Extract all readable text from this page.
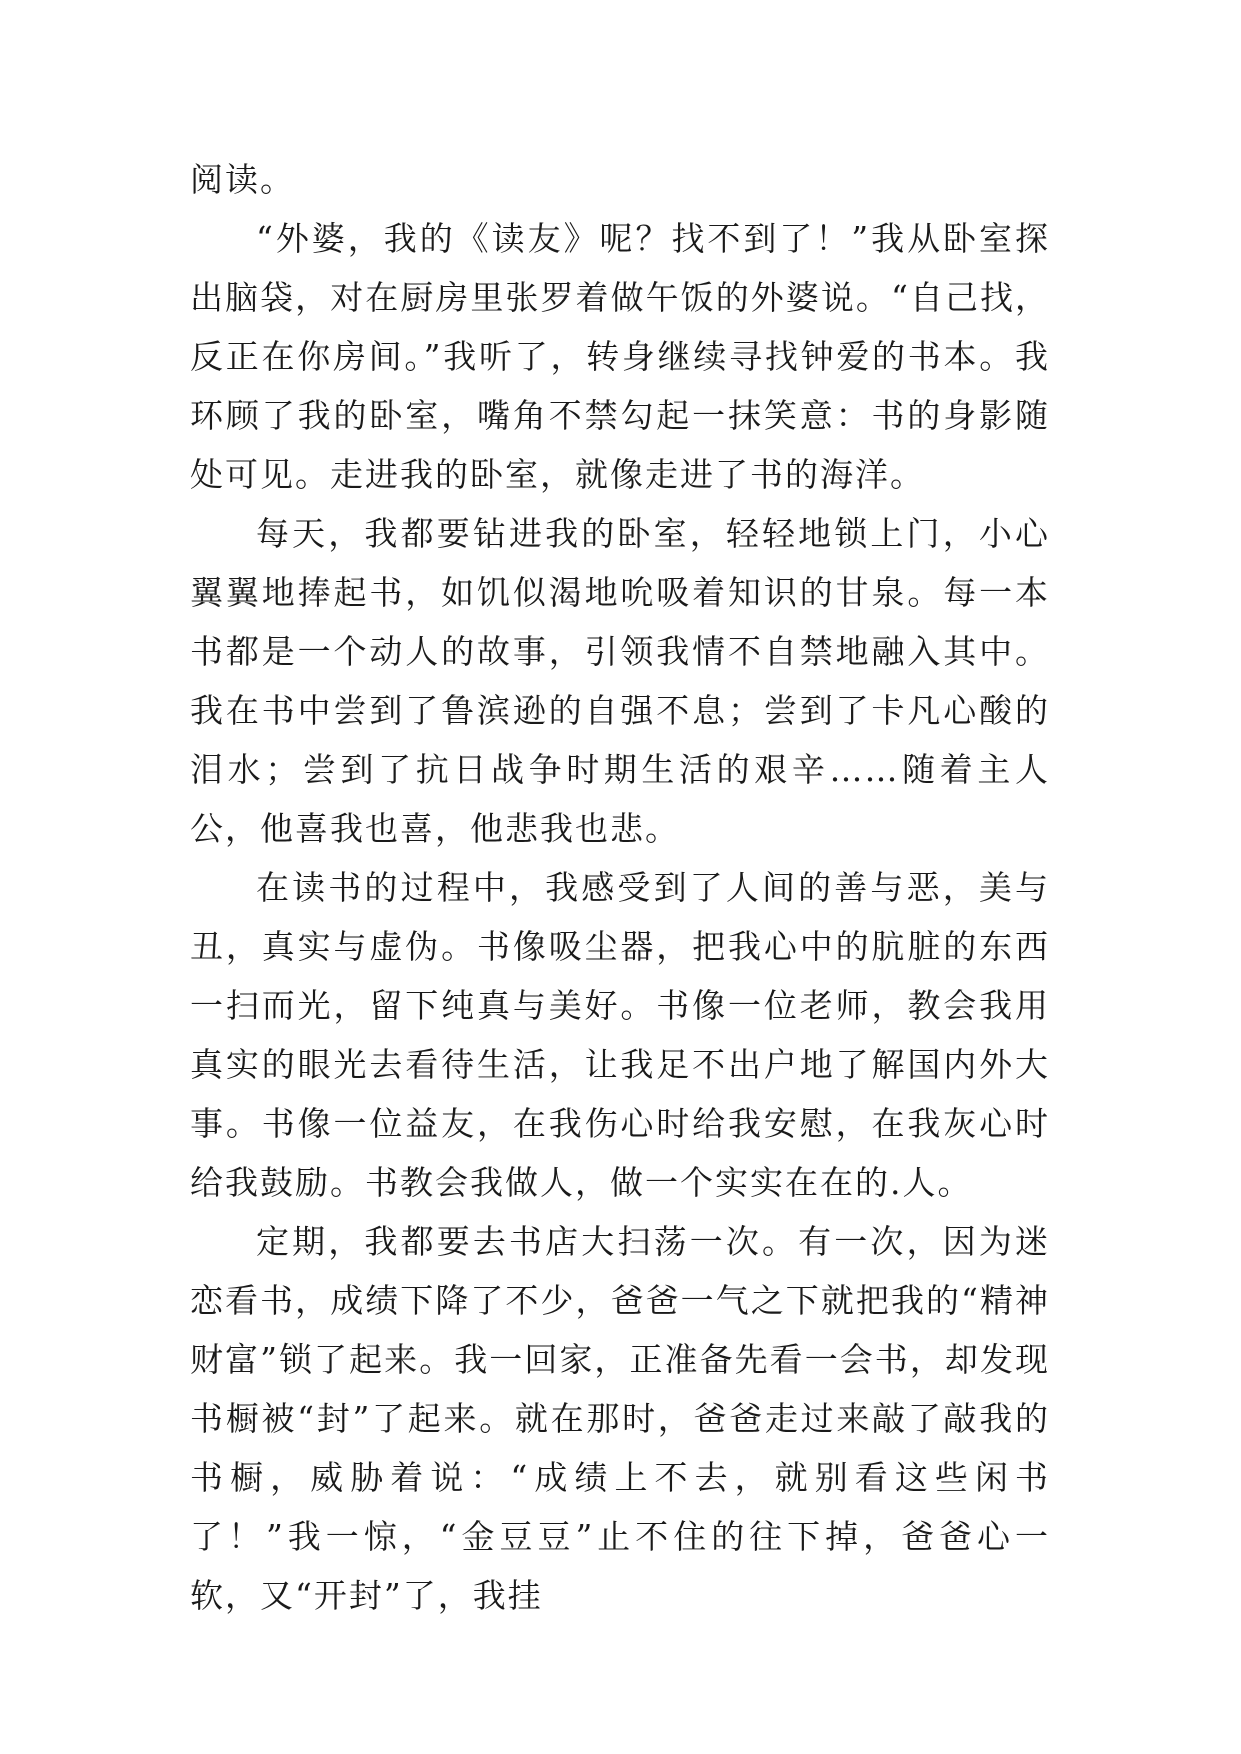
阅读。

“外婆，我的《读友》呢？找不到了！”我从卧室探出脑袋，对在厨房里张罗着做午饭的外婆说。“自己找，反正在你房间。”我听了，转身继续寻找钟爱的书本。我环顾了我的卧室，嘴角不禁勾起一抹笑意：书的身影随处可见。走进我的卧室，就像走进了书的海洋。

每天，我都要钻进我的卧室，轻轻地锁上门，小心翼翼地捧起书，如饥似渴地吮吸着知识的甘泉。每一本书都是一个动人的故事，引领我情不自禁地融入其中。我在书中尝到了鲁滨逊的自强不息；尝到了卡凡心酸的泪水；尝到了抗日战争时期生活的艰辛……随着主人公，他喜我也喜，他悲我也悲。

在读书的过程中，我感受到了人间的善与恶，美与丑，真实与虚伪。书像吸尘器，把我心中的肮脏的东西一扫而光，留下纯真与美好。书像一位老师，教会我用真实的眼光去看待生活，让我足不出户地了解国内外大事。书像一位益友，在我伤心时给我安慰，在我灰心时给我鼓励。书教会我做人，做一个实实在在的.人。

定期，我都要去书店大扫荡一次。有一次，因为迷恋看书，成绩下降了不少，爸爸一气之下就把我的“精神财富”锁了起来。我一回家，正准备先看一会书，却发现书橱被“封”了起来。就在那时，爸爸走过来敲了敲我的书橱，威胁着说：“成绩上不去，就别看这些闲书了！”我一惊，“金豆豆”止不住的往下掉，爸爸心一软，又“开封”了，我挂
